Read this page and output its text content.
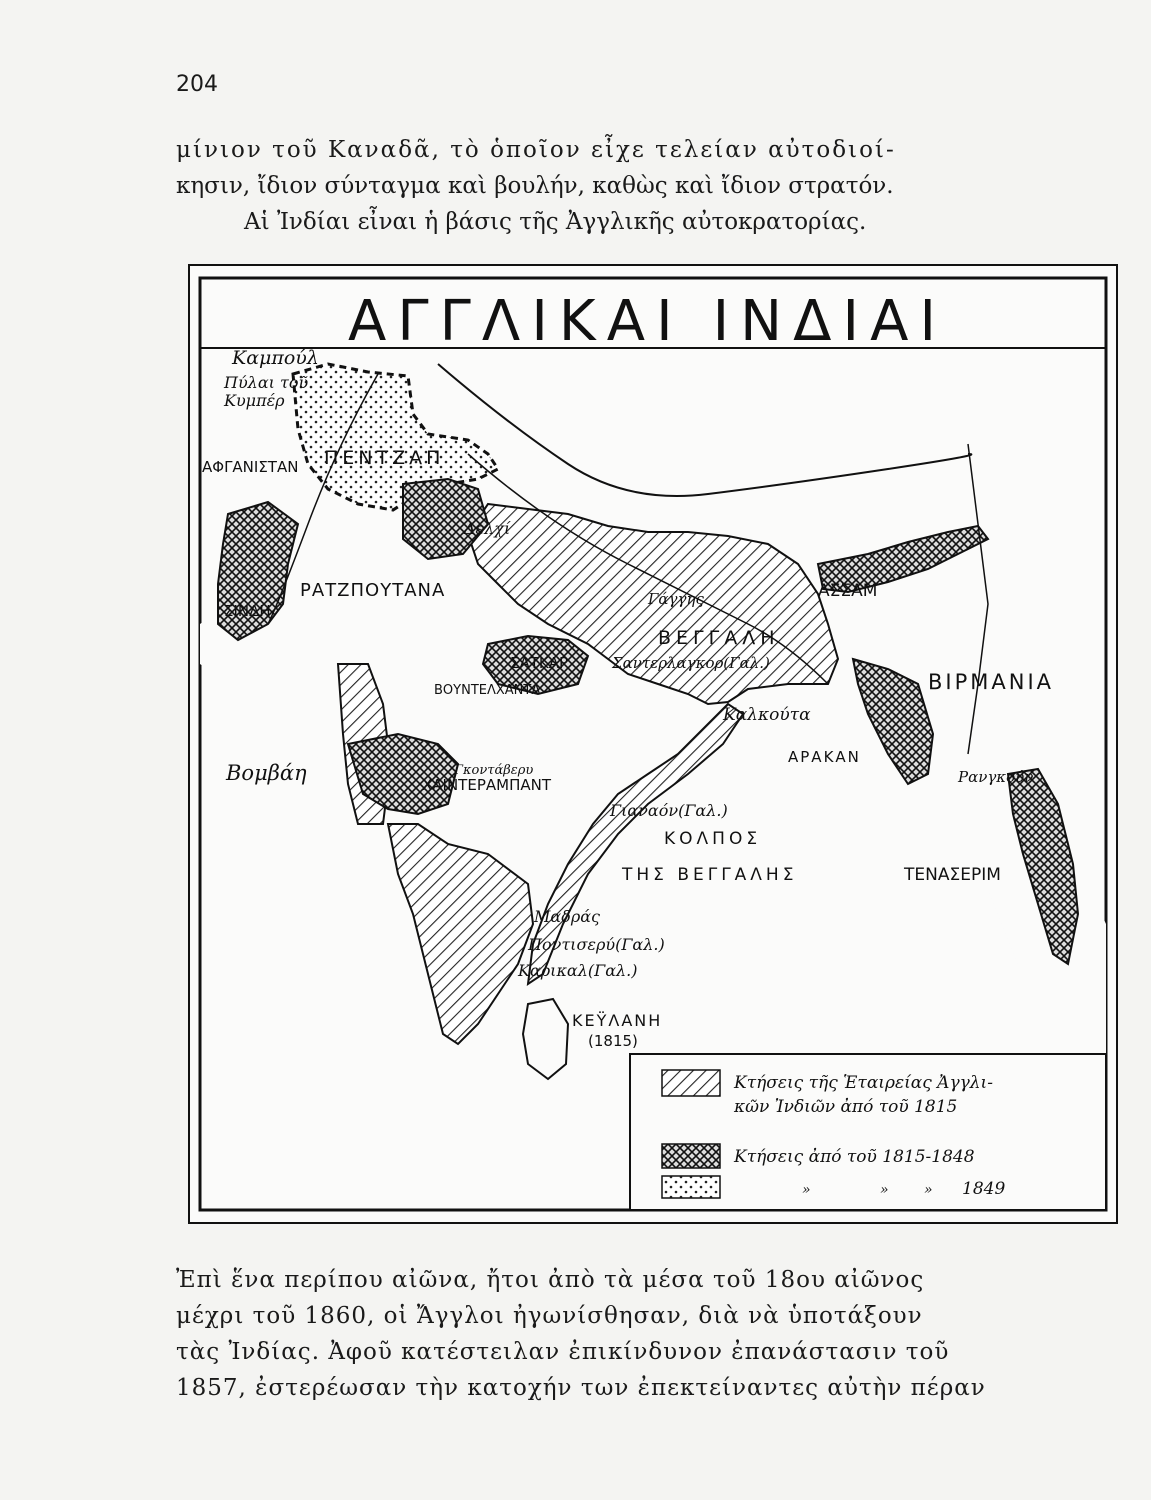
204
μίνιον τοῦ Καναδᾶ, τὸ ὁποῖον εἶχε τελείαν αὐτοδιοί-
κησιν, ἴδιον σύνταγμα καὶ βουλήν, καθὼς καὶ ἴδιον στρατόν.
Αἱ Ἰνδίαι εἶναι ἡ βάσις τῆς Ἀγγλικῆς αὐτοκρατορίας.
ΑΓΓΛΙΚΑΙ ΙΝΔΙΑΙ
Καμπούλ
Πύλαι τοῦ
Κυμπέρ
ΑΦΓΑΝΙΣΤΑΝ ΠΕΝΤΖΑΠ
Δελχί
ΡΑΤΖΠΟΥΤΑΝΑ
ΣΙΝΔΗ
Γάγγης
ΒΕΓΓΑΛΗ
ΑΣΣΑΜ
ΒΙΡΜΑΝΙΑ
ΣΑΤΚΑΡ	Σαντερλαγκορ(Γαλ.)
Καλκούτα
ΒΟΥΝΤΕΛΧΑΝΤΑ
ΑΡΑΚΑΝ
Βομβάη	Γκοντάβερυ
ΧΑΙΝΤΕΡΑΜΠΑΝΤ	Ρανγκούν
Γιαναόν(Γαλ.)
ΚΟΛΠΟΣ
ΤΗΣ ΒΕΓΓΑΛΗΣ	ΤΕΝΑΣΕΡΙΜ
Μαδράς
Ποντισερύ(Γαλ.)
Καρικαλ(Γαλ.)
ΚΕΫΛΑΝΗ
(1815)
Κτήσεις τῆς Ἑταιρείας Ἀγγλι-
κῶν Ἰνδιῶν ἀπό τοῦ 1815
Κτήσεις ἀπό τοῦ 1815-1848
»	»	» 1849
Ἐπὶ ἕνα περίπου αἰῶνα, ἤτοι ἀπὸ τὰ μέσα τοῦ 18ου αἰῶνος
μέχρι τοῦ 1860, οἱ Ἄγγλοι ἠγωνίσθησαν, διὰ νὰ ὑποτάξουν
τὰς Ἰνδίας. Ἀφοῦ κατέστειλαν ἐπικίνδυνον ἐπανάστασιν τοῦ
1857, ἐστερέωσαν τὴν κατοχήν των ἐπεκτείναντες αὐτὴν πέραν
